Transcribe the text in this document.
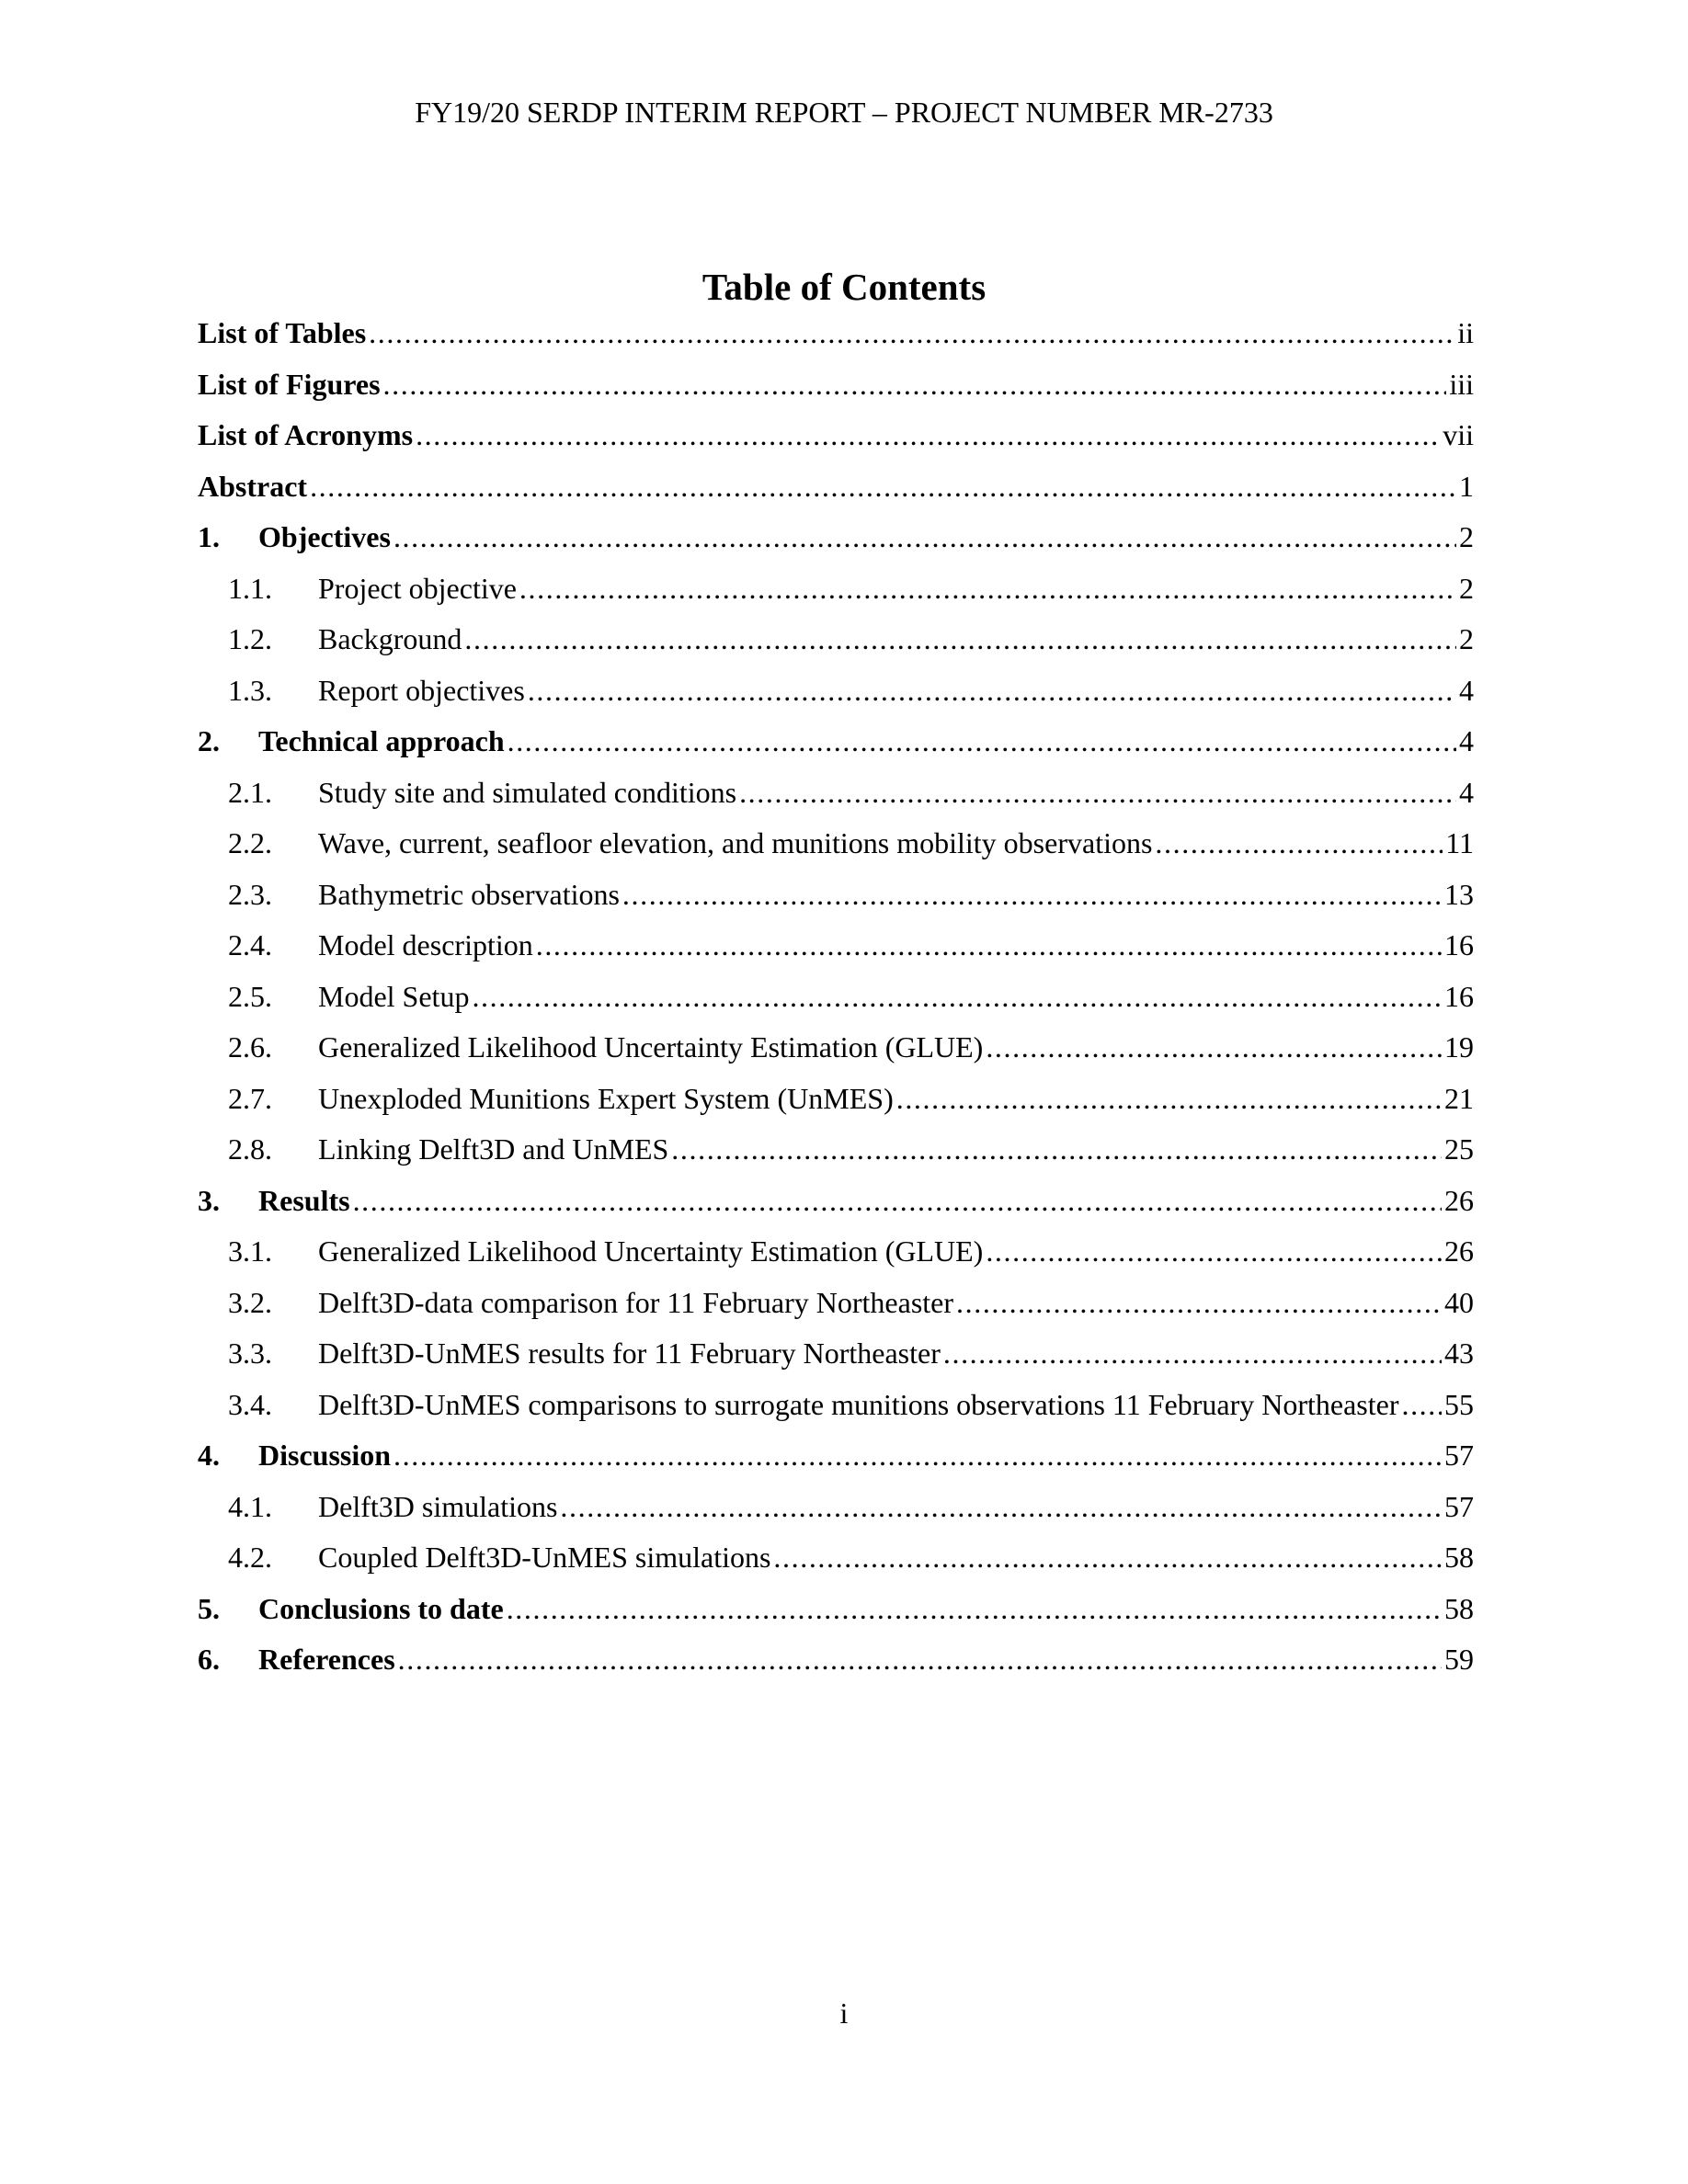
FY19/20 SERDP INTERIM REPORT – PROJECT NUMBER MR-2733
Table of Contents
List of Tables .....	ii
List of Figures .....	iii
List of Acronyms .....	vii
Abstract .....	1
1.	Objectives .....	2
1.1.	Project objective .....	2
1.2.	Background .....	2
1.3.	Report objectives .....	4
2.	Technical approach .....	4
2.1.	Study site and simulated conditions .....	4
2.2.	Wave, current, seafloor elevation, and munitions mobility observations .....	11
2.3.	Bathymetric observations .....	13
2.4.	Model description .....	16
2.5.	Model Setup .....	16
2.6.	Generalized Likelihood Uncertainty Estimation (GLUE) .....	19
2.7.	Unexploded Munitions Expert System (UnMES) .....	21
2.8.	Linking Delft3D and UnMES .....	25
3.	Results .....	26
3.1.	Generalized Likelihood Uncertainty Estimation (GLUE) .....	26
3.2.	Delft3D-data comparison for 11 February Northeaster .....	40
3.3.	Delft3D-UnMES results for 11 February Northeaster .....	43
3.4.	Delft3D-UnMES comparisons to surrogate munitions observations 11 February Northeaster ..... 55
4.	Discussion .....	57
4.1.	Delft3D simulations .....	57
4.2.	Coupled Delft3D-UnMES simulations .....	58
5.	Conclusions to date .....	58
6.	References .....	59
i
